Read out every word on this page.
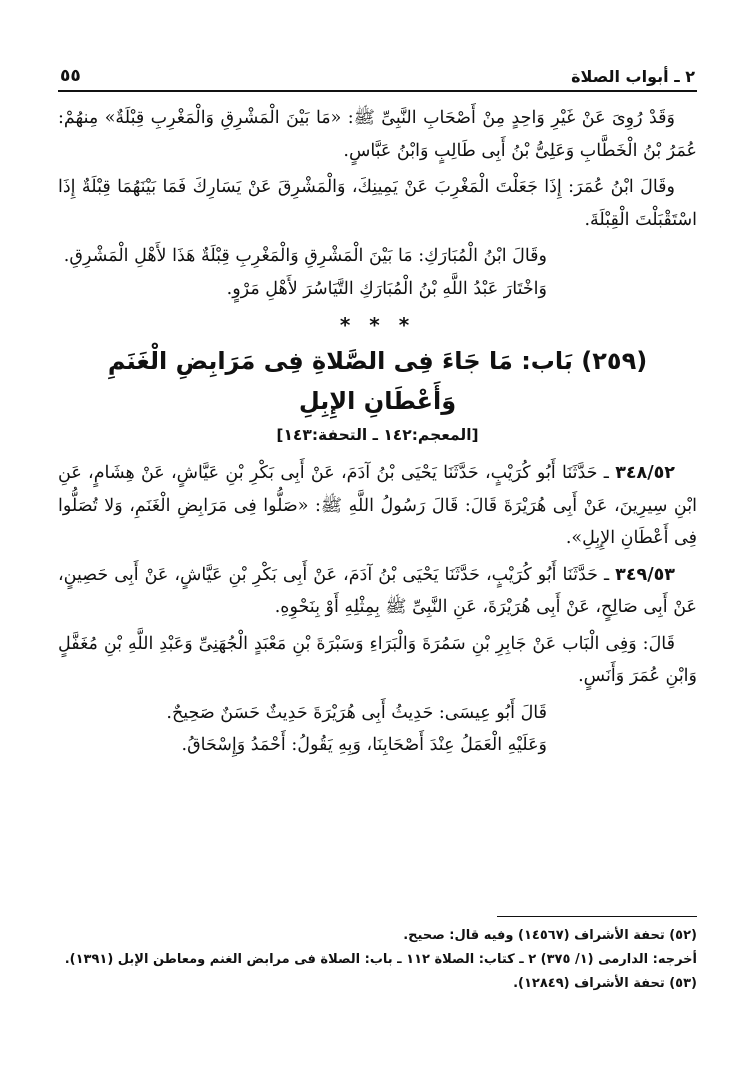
٢ ـ أبواب الصلاة
٥٥

وَقَدْ رُوِىَ عَنْ غَيْرِ وَاحِدٍ مِنْ أَصْحَابِ النَّبِىِّ ﷺ: «مَا بَيْنَ الْمَشْرِقِ وَالْمَغْرِبِ قِبْلَةٌ» مِنهُمْ: عُمَرُ بْنُ الْخَطَّابِ وَعَلِىُّ بْنُ أَبِى طَالِبٍ وَابْنُ عَبَّاسٍ.

وقَالَ ابْنُ عُمَرَ: إِذَا جَعَلْتَ الْمَغْرِبَ عَنْ يَمِينِكَ، وَالْمَشْرِقَ عَنْ يَسَارِكَ فَمَا بَيْنَهُمَا قِبْلَةٌ إِذَا اسْتَقْبَلْتَ الْقِبْلَةَ.

وقَالَ ابْنُ الْمُبَارَكِ: مَا بَيْنَ الْمَشْرِقِ وَالْمَغْرِبِ قِبْلَةٌ هَذَا لأَهْلِ الْمَشْرِقِ.

وَاخْتَارَ عَبْدُ اللَّهِ بْنُ الْمُبَارَكِ التَّيَاسُرَ لأَهْلِ مَرْوٍ.

* * *
(٢٥٩) بَاب: مَا جَاءَ فِى الصَّلاةِ فِى مَرَابِضِ الْغَنَمِ وَأَعْطَانِ الإِبِلِ
[المعجم:١٤٢ ـ التحفة:١٤٣]

٣٤٨/٥٢ ـ حَدَّثَنَا أَبُو كُرَيْبٍ، حَدَّثَنَا يَحْيَى بْنُ آدَمَ، عَنْ أَبِى بَكْرِ بْنِ عَيَّاشٍ، عَنْ هِشَامٍ، عَنِ ابْنِ سِيرِينَ، عَنْ أَبِى هُرَيْرَةَ قَالَ: قَالَ رَسُولُ اللَّهِ ﷺ: «صَلُّوا فِى مَرَابِضِ الْغَنَمِ، وَلا تُصَلُّوا فِى أَعْطَانِ الإِبِلِ».

٣٤٩/٥٣ ـ حَدَّثَنَا أَبُو كُرَيْبٍ، حَدَّثَنَا يَحْيَى بْنُ آدَمَ، عَنْ أَبِى بَكْرِ بْنِ عَيَّاشٍ، عَنْ أَبِى حَصِينٍ، عَنْ أَبِى صَالِحٍ، عَنْ أَبِى هُرَيْرَةَ، عَنِ النَّبِىِّ ﷺ بِمِثْلِهِ أَوْ بِنَحْوِهِ.

قَالَ: وَفِى الْبَاب عَنْ جَابِرِ بْنِ سَمُرَةَ وَالْبَرَاءِ وَسَبْرَةَ بْنِ مَعْبَدٍ الْجُهَنِىِّ وَعَبْدِ اللَّهِ بْنِ مُغَفَّلٍ وَابْنِ عُمَرَ وَأَنَسٍ.

قَالَ أَبُو عِيسَى: حَدِيثُ أَبِى هُرَيْرَةَ حَدِيثٌ حَسَنٌ صَحِيحٌ.

وَعَلَيْهِ الْعَمَلُ عِنْدَ أَصْحَابِنَا، وَبِهِ يَقُولُ: أَحْمَدُ وَإِسْحَاقُ.

(٥٢) تحفة الأشراف (١٤٥٦٧) وفيه قال: صحيح.

أخرجه: الدارمى (١/ ٣٧٥) ٢ ـ كتاب: الصلاة ١١٢ ـ باب: الصلاة فى مرابض الغنم ومعاطن الإبل (١٣٩١).

(٥٣) تحفة الأشراف (١٢٨٤٩).
